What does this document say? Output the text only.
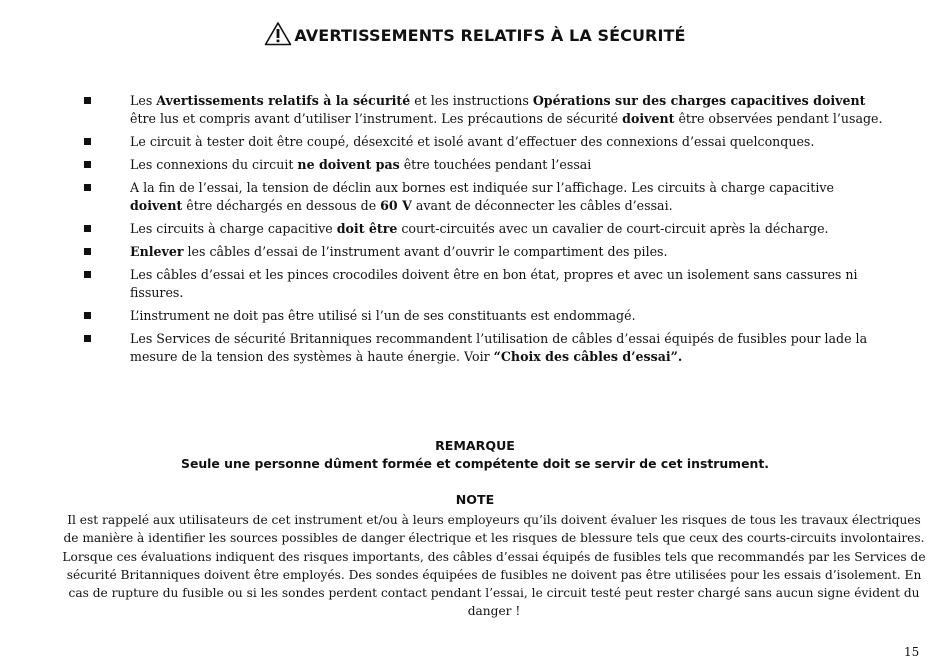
AVERTISSEMENTS RELATIFS À LA SÉCURITÉ
Les Avertissements relatifs à la sécurité et les instructions Opérations sur des charges capacitives doivent être lus et compris avant d’utiliser l’instrument. Les précautions de sécurité doivent être observées pendant l’usage.
Le circuit à tester doit être coupé, désexcité et isolé avant d’effectuer des connexions d’essai quelconques.
Les connexions du circuit ne doivent pas être touchées pendant l’essai
A la fin de l’essai, la tension de déclin aux bornes est indiquée sur l’affichage. Les circuits à charge capacitive doivent être déchargés en dessous de 60 V avant de déconnecter les câbles d’essai.
Les circuits à charge capacitive doit être court-circuités avec un cavalier de court-circuit après la décharge.
Enlever les câbles d’essai de l’instrument avant d’ouvrir le compartiment des piles.
Les câbles d’essai et les pinces crocodiles doivent être en bon état, propres et avec un isolement sans cassures ni fissures.
L’instrument ne doit pas être utilisé si l’un de ses constituants est endommagé.
Les Services de sécurité Britanniques recommandent l’utilisation de câbles d’essai équipés de fusibles pour lade la mesure de la tension des systèmes à haute énergie. Voir “Choix des câbles d’essai”.
REMARQUE
Seule une personne dûment formée et compétente doit se servir de cet instrument.
NOTE
Il est rappelé aux utilisateurs de cet instrument et/ou à leurs employeurs qu’ils doivent évaluer les risques de tous les travaux électriques de manière à identifier les sources possibles de danger électrique et les risques de blessure tels que ceux des courts-circuits involontaires. Lorsque ces évaluations indiquent des risques importants, des câbles d’essai équipés de fusibles tels que recommandés par les Services de sécurité Britanniques doivent être employés. Des sondes équipées de fusibles ne doivent pas être utilisées pour les essais d’isolement. En cas de rupture du fusible ou si les sondes perdent contact pendant l’essai, le circuit testé peut rester chargé sans aucun signe évident du danger !
15
